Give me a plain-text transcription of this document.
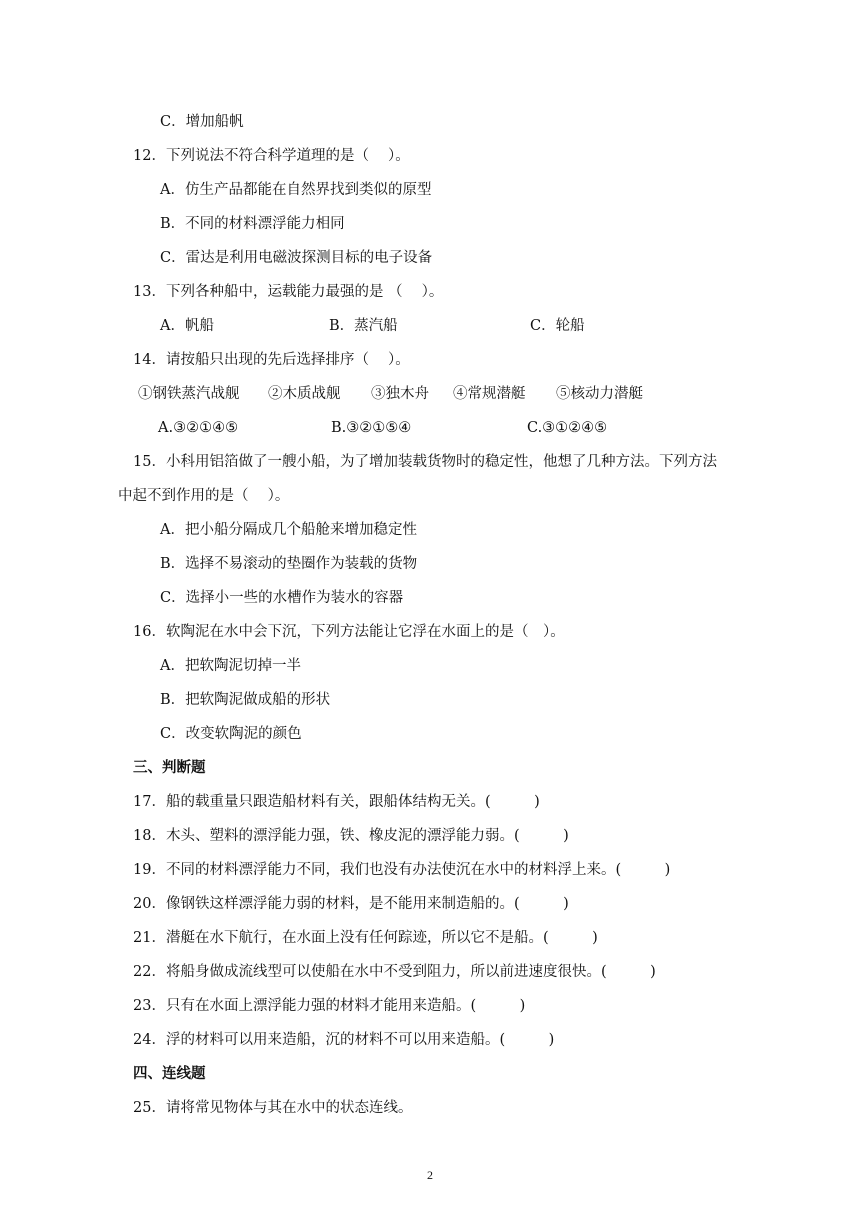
C．增加船帆
12．下列说法不符合科学道理的是（　 ）。
A．仿生产品都能在自然界找到类似的原型
B．不同的材料漂浮能力相同
C．雷达是利用电磁波探测目标的电子设备
13．下列各种船中，运载能力最强的是 （　 ）。
A．帆船	B．蒸汽船	C．轮船
14．请按船只出现的先后选择排序（　 ）。
①钢铁蒸汽战舰 ②木质战舰 ③独木舟 ④常规潜艇 ⑤核动力潜艇
A.③②①④⑤	B.③②①⑤④	C.③①②④⑤
15．小科用铝箔做了一艘小船，为了增加装载货物时的稳定性，他想了几种方法。下列方法
中起不到作用的是（　 ）。
A．把小船分隔成几个船舱来增加稳定性
B．选择不易滚动的垫圈作为装载的货物
C．选择小一些的水槽作为装水的容器
16．软陶泥在水中会下沉，下列方法能让它浮在水面上的是（　）。
A．把软陶泥切掉一半
B．把软陶泥做成船的形状
C．改变软陶泥的颜色
三、判断题
17．船的载重量只跟造船材料有关，跟船体结构无关。(　　　)
18．木头、塑料的漂浮能力强，铁、橡皮泥的漂浮能力弱。(　　　)
19．不同的材料漂浮能力不同，我们也没有办法使沉在水中的材料浮上来。(　　　)
20．像钢铁这样漂浮能力弱的材料，是不能用来制造船的。(　　　)
21．潜艇在水下航行，在水面上没有任何踪迹，所以它不是船。(　　　)
22．将船身做成流线型可以使船在水中不受到阻力，所以前进速度很快。(　　　)
23．只有在水面上漂浮能力强的材料才能用来造船。(　　　)
24．浮的材料可以用来造船，沉的材料不可以用来造船。(　　　)
四、连线题
25．请将常见物体与其在水中的状态连线。
2
